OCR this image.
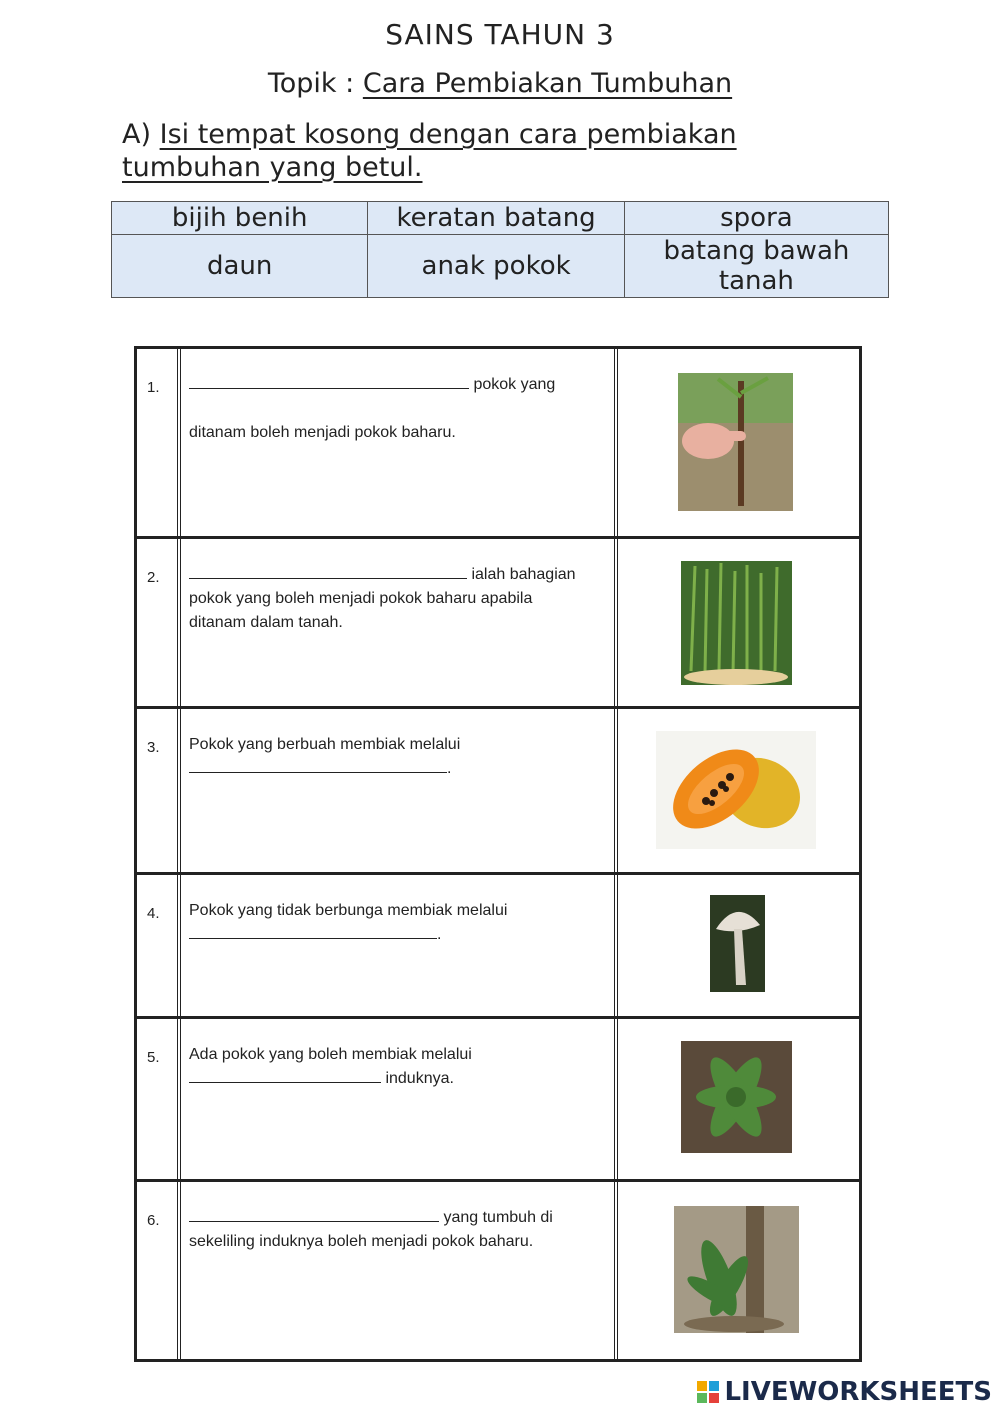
SAINS TAHUN 3
Topik : Cara Pembiakan Tumbuhan
A) Isi tempat kosong dengan cara pembiakan tumbuhan yang betul.
bijih benih	keratan batang	spora
daun	anak pokok	batang bawah tanah
1.	pokok yang

ditanam boleh menjadi pokok baharu.
2.	ialah bahagian
pokok yang boleh menjadi pokok baharu apabila
ditanam dalam tanah.
3. Pokok yang berbuah membiak melalui
.
4. Pokok yang tidak berbunga membiak melalui
.
5. Ada pokok yang boleh membiak melalui
induknya.
6.	yang tumbuh di
sekeliling induknya boleh menjadi pokok baharu.
LIVEWORKSHEETS
